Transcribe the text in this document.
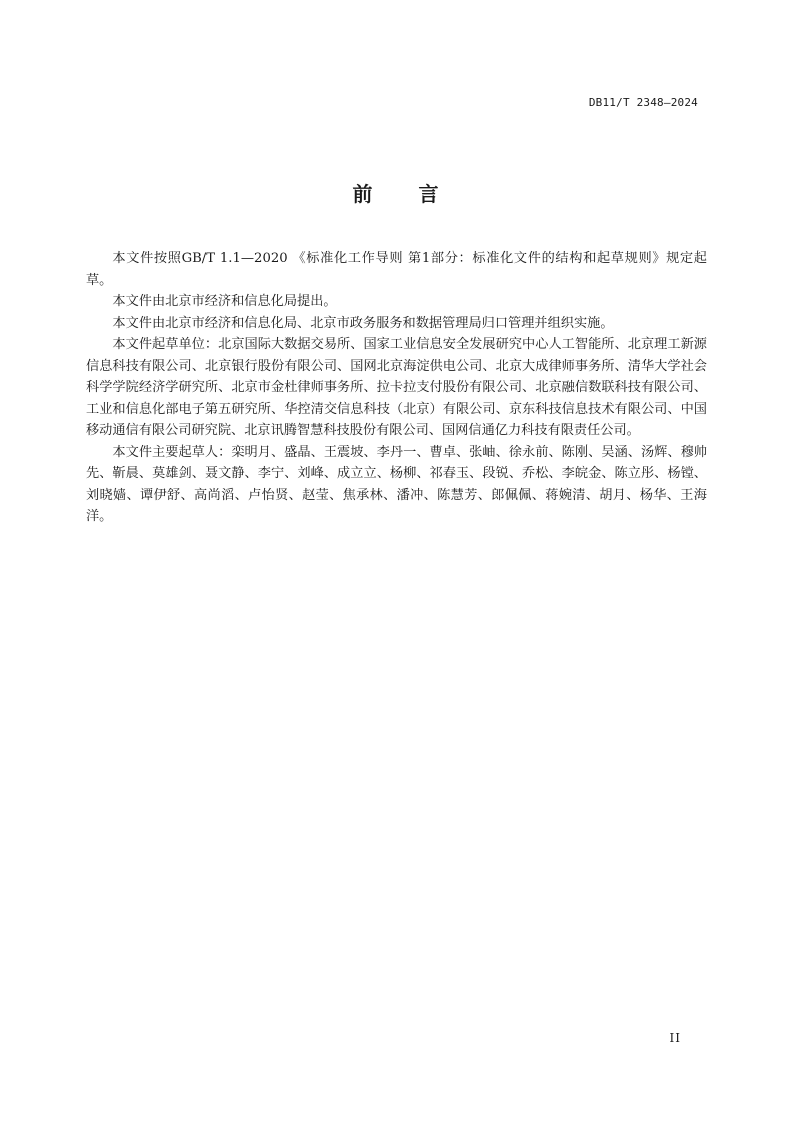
DB11/T 2348—2024
前 言

本文件按照GB/T 1.1—2020 《标准化工作导则 第1部分：标准化文件的结构和起草规则》规定起草。

本文件由北京市经济和信息化局提出。

本文件由北京市经济和信息化局、北京市政务服务和数据管理局归口管理并组织实施。

本文件起草单位：北京国际大数据交易所、国家工业信息安全发展研究中心人工智能所、北京理工新源信息科技有限公司、北京银行股份有限公司、国网北京海淀供电公司、北京大成律师事务所、清华大学社会科学学院经济学研究所、北京市金杜律师事务所、拉卡拉支付股份有限公司、北京融信数联科技有限公司、工业和信息化部电子第五研究所、华控清交信息科技（北京）有限公司、京东科技信息技术有限公司、中国移动通信有限公司研究院、北京讯腾智慧科技股份有限公司、国网信通亿力科技有限责任公司。

本文件主要起草人：栾明月、盛晶、王震坡、李丹一、曹卓、张岫、徐永前、陈刚、吴涵、汤辉、穆帅先、靳晨、莫雄剑、聂文静、李宁、刘峰、成立立、杨柳、祁春玉、段锐、乔松、李皖金、陈立彤、杨镗、刘晓嫱、谭伊舒、高尚滔、卢怡贤、赵莹、焦承林、潘冲、陈慧芳、郎佩佩、蒋婉清、胡月、杨华、王海洋。

II
